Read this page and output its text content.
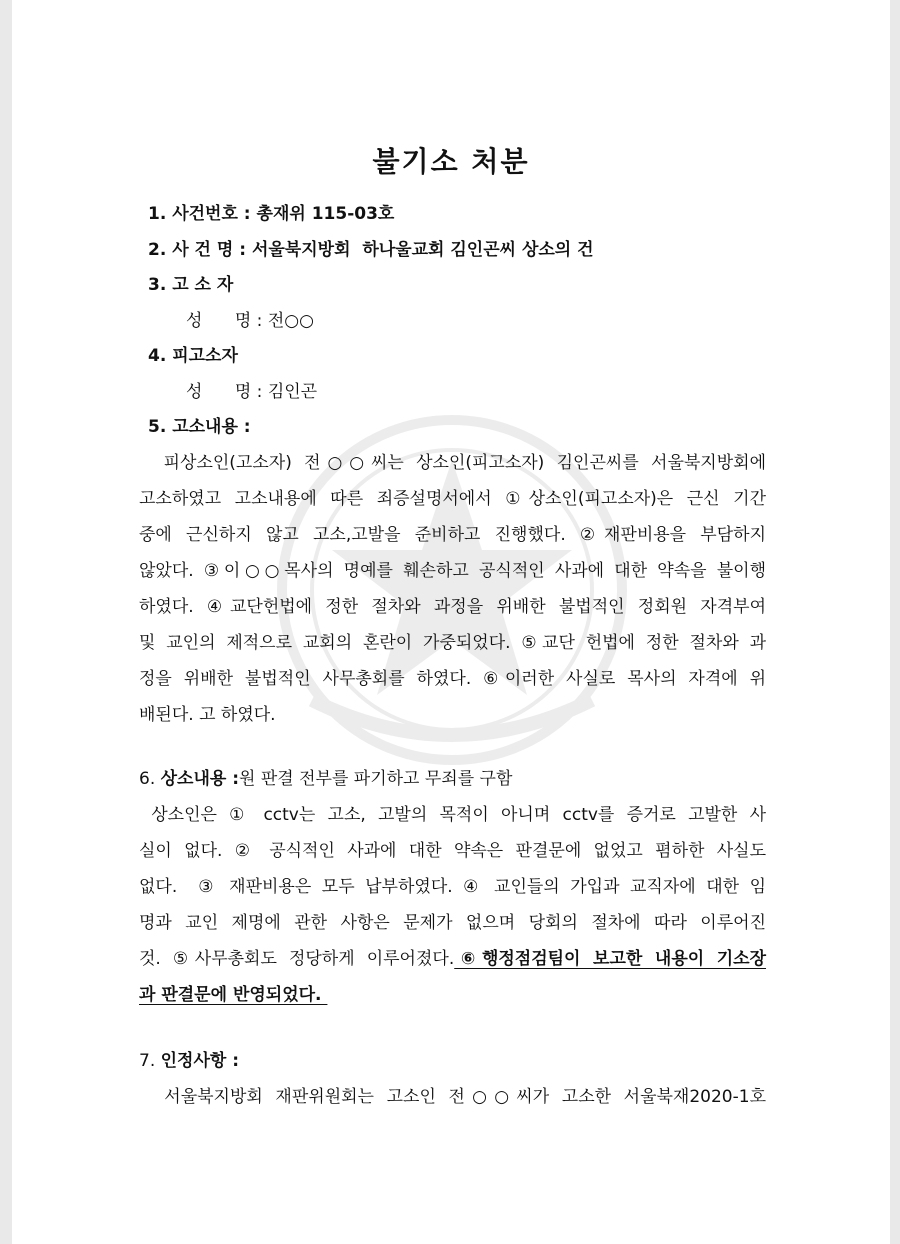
불기소 처분
1. 사건번호 : 총재위 115-03호
2. 사 건 명 : 서울북지방회  하나울교회 김인곤씨 상소의 건
3. 고 소 자
성      명 : 전○○
4. 피고소자
성      명 : 김인곤
5. 고소내용 :
피상소인(고소자) 전○○씨는 상소인(피고소자) 김인곤씨를 서울북지방회에
고소하였고 고소내용에 따른 죄증설명서에서 ①상소인(피고소자)은 근신 기간
중에 근신하지 않고 고소,고발을 준비하고 진행했다. ②재판비용을 부담하지
않았다. ③이○○목사의 명예를 훼손하고 공식적인 사과에 대한 약속을 불이행
하였다. ④교단헌법에 정한 절차와 과정을 위배한 불법적인 정회원 자격부여
및 교인의 제적으로 교회의 혼란이 가중되었다. ⑤교단 헌법에 정한 절차와 과
정을 위배한 불법적인 사무총회를 하였다. ⑥이러한 사실로 목사의 자격에 위
배된다. 고 하였다.
6. 상소내용 :원 판결 전부를 파기하고 무죄를 구함
상소인은 ① cctv는 고소, 고발의 목적이 아니며 cctv를 증거로 고발한 사
실이 없다. ② 공식적인 사과에 대한 약속은 판결문에 없었고 폄하한 사실도
없다.  ③ 재판비용은 모두 납부하였다. ④ 교인들의 가입과 교직자에 대한 임
명과 교인 제명에 관한 사항은 문제가 없으며 당회의 절차에 따라 이루어진
것. ⑤사무총회도 정당하게 이루어졌다.⑥행정점검팀이 보고한 내용이 기소장
과 판결문에 반영되었다.
7. 인정사항 :
서울북지방회 재판위원회는 고소인 전○○씨가 고소한 서울북재2020-1호
